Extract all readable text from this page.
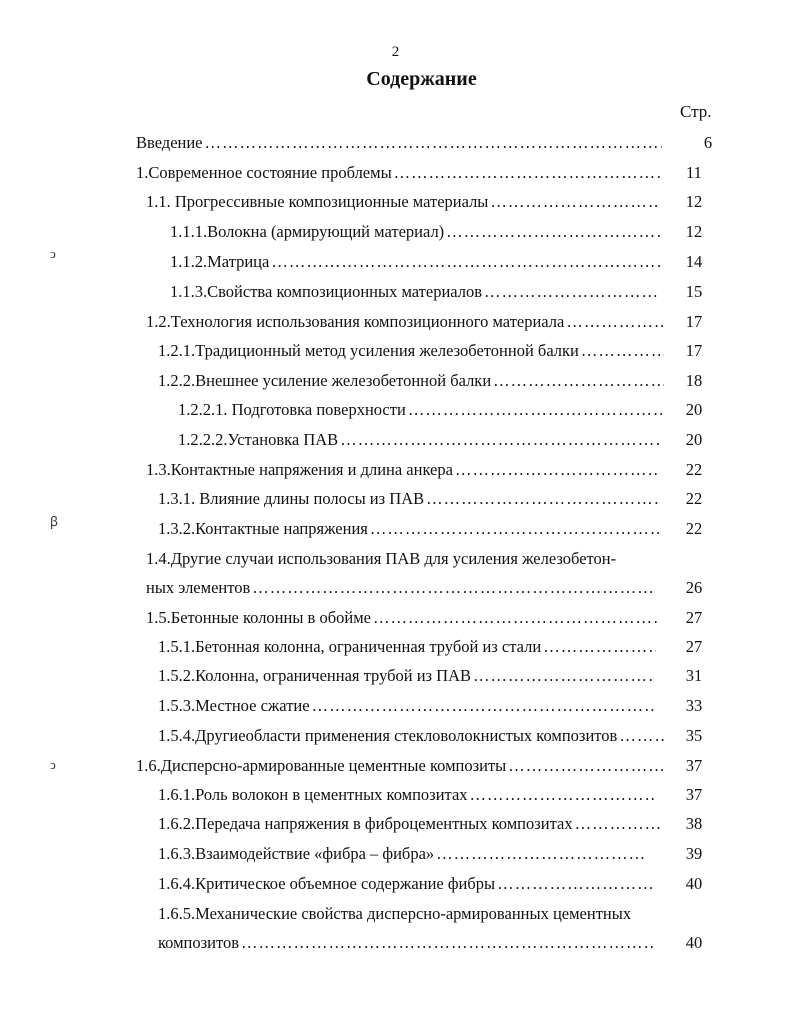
2
Содержание
Стр.
ↄ
ꞵ
ↄ
Введение …………………………………………………………………………………………………………………………………………………………………………	6
1.Современное состояние проблемы …………………………………………………………………………………………………………………………………………………………………………	11
1.1. Прогрессивные композиционные материалы …………………………………………………………………………………………………………………………………………………………………………	12
1.1.1.Волокна (армирующий материал) …………………………………………………………………………………………………………………………………………………………………………	12
1.1.2.Матрица …………………………………………………………………………………………………………………………………………………………………………	14
1.1.3.Свойства композиционных материалов …………………………………………………………………………………………………………………………………………………………………………	15
1.2.Технология использования композиционного материала …………………………………………………………………………………………………………………………………………………………………………	17
1.2.1.Традиционный метод усиления железобетонной балки …………………………………………………………………………………………………………………………………………………………………………	17
1.2.2.Внешнее усиление железобетонной балки …………………………………………………………………………………………………………………………………………………………………………	18
1.2.2.1. Подготовка поверхности …………………………………………………………………………………………………………………………………………………………………………	20
1.2.2.2.Установка ПАВ …………………………………………………………………………………………………………………………………………………………………………	20
1.3.Контактные напряжения и длина анкера …………………………………………………………………………………………………………………………………………………………………………	22
1.3.1. Влияние длины полосы из ПАВ …………………………………………………………………………………………………………………………………………………………………………	22
1.3.2.Контактные напряжения …………………………………………………………………………………………………………………………………………………………………………	22
1.4.Другие случаи использования ПАВ для усиления железобетон-
ных элементов …………………………………………………………………………………………………………………………………………………………………………	26
1.5.Бетонные колонны в обойме …………………………………………………………………………………………………………………………………………………………………………	27
1.5.1.Бетонная колонна, ограниченная трубой из стали …………………………………………………………………………………………………………………………………………………………………………	27
1.5.2.Колонна, ограниченная трубой из ПАВ …………………………………………………………………………………………………………………………………………………………………………	31
1.5.3.Местное сжатие …………………………………………………………………………………………………………………………………………………………………………	33
1.5.4.Другиеобласти применения стекловолокнистых композитов …………………………………………………………………………………………………………………………………………………………………………	35
1.6.Дисперсно-армированные цементные композиты …………………………………………………………………………………………………………………………………………………………………………	37
1.6.1.Роль волокон в цементных композитах …………………………………………………………………………………………………………………………………………………………………………	37
1.6.2.Передача напряжения в фиброцементных композитах …………………………………………………………………………………………………………………………………………………………………………	38
1.6.3.Взаимодействие «фибра – фибра» …………………………………………………………………………………………………………………………………………………………………………	39
1.6.4.Критическое объемное содержание фибры …………………………………………………………………………………………………………………………………………………………………………	40
1.6.5.Механические свойства дисперсно-армированных цементных
композитов …………………………………………………………………………………………………………………………………………………………………………	40
